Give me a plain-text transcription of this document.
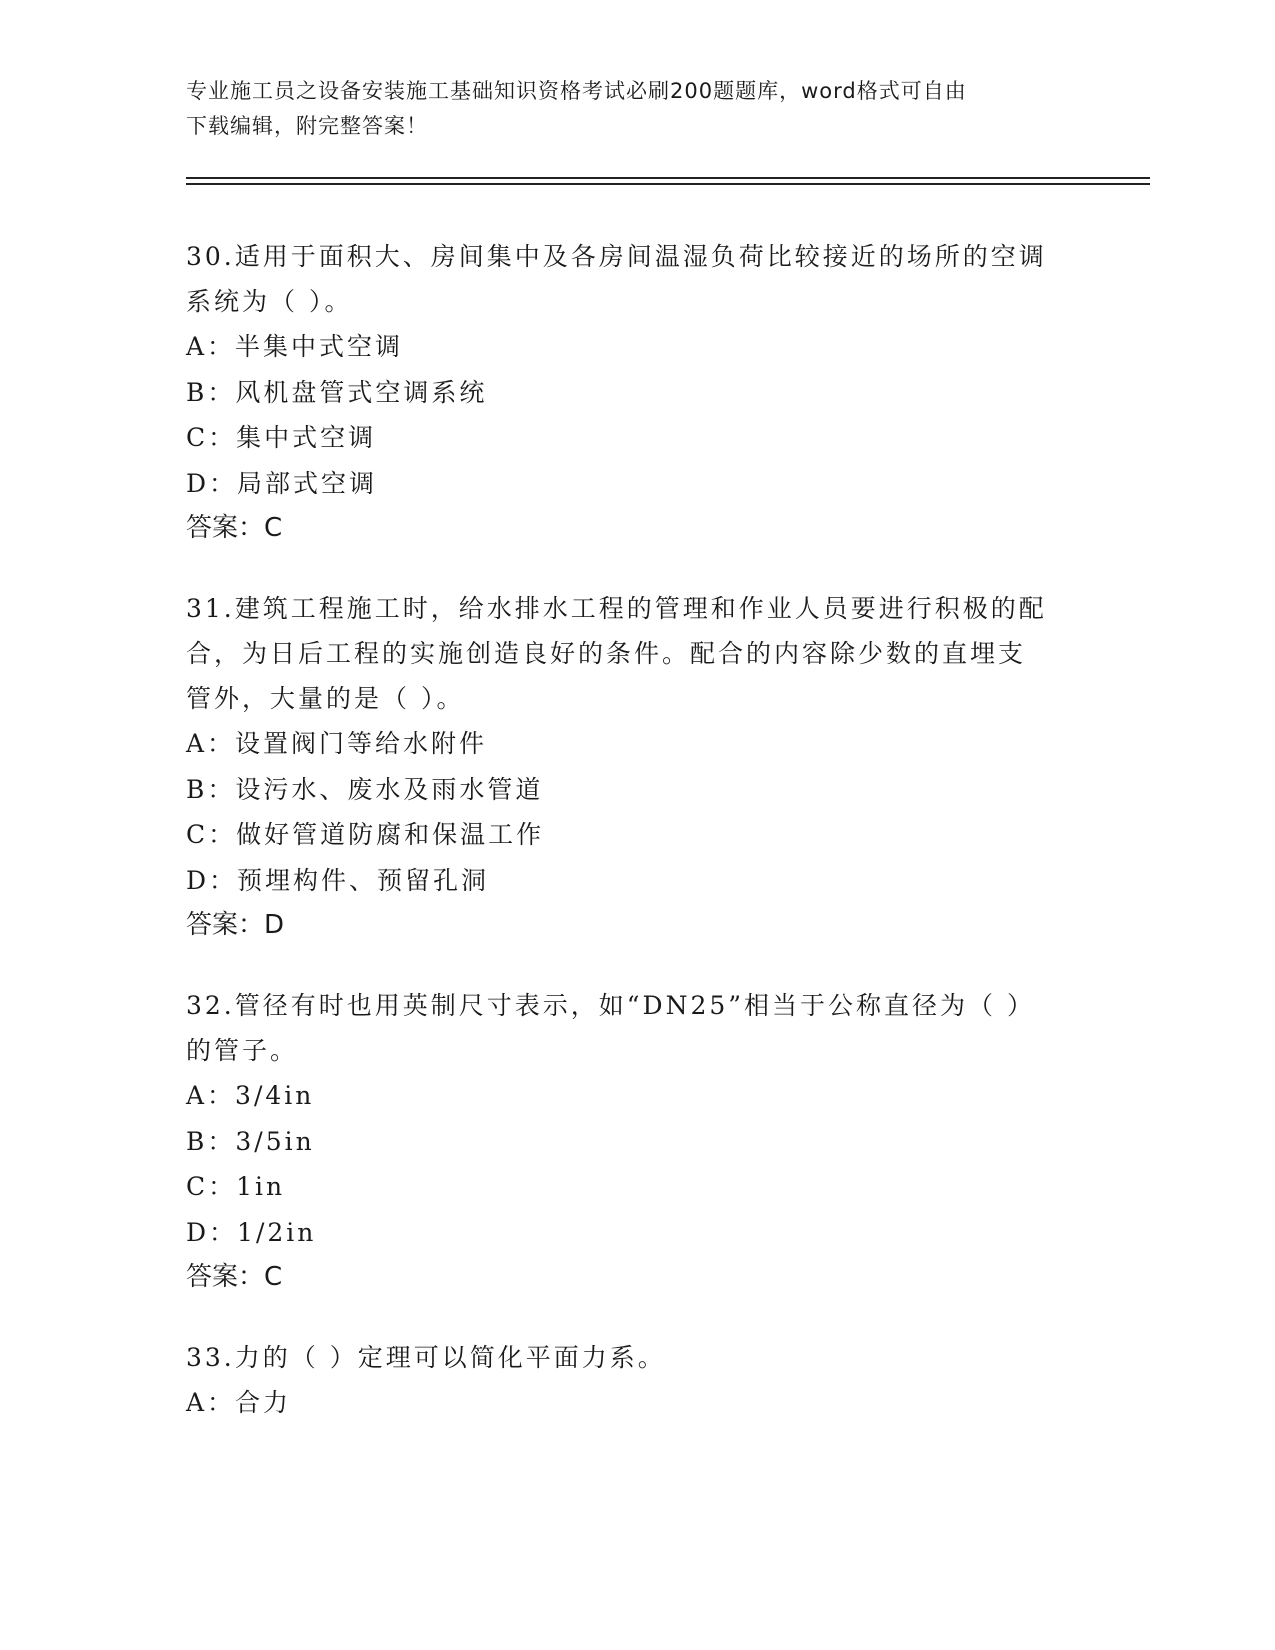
专业施工员之设备安装施工基础知识资格考试必刷200题题库，word格式可自由
下载编辑，附完整答案！

30.适用于面积大、房间集中及各房间温湿负荷比较接近的场所的空调

系统为（ ）。

A：半集中式空调

B：风机盘管式空调系统

C：集中式空调

D：局部式空调

答案：C

31.建筑工程施工时，给水排水工程的管理和作业人员要进行积极的配

合，为日后工程的实施创造良好的条件。配合的内容除少数的直埋支

管外，大量的是（ ）。

A：设置阀门等给水附件

B：设污水、废水及雨水管道

C：做好管道防腐和保温工作

D：预埋构件、预留孔洞

答案：D

32.管径有时也用英制尺寸表示，如“DN25”相当于公称直径为（ ）

的管子。

A：3/4in

B：3/5in

C：1in

D：1/2in

答案：C

33.力的（ ）定理可以简化平面力系。

A：合力
